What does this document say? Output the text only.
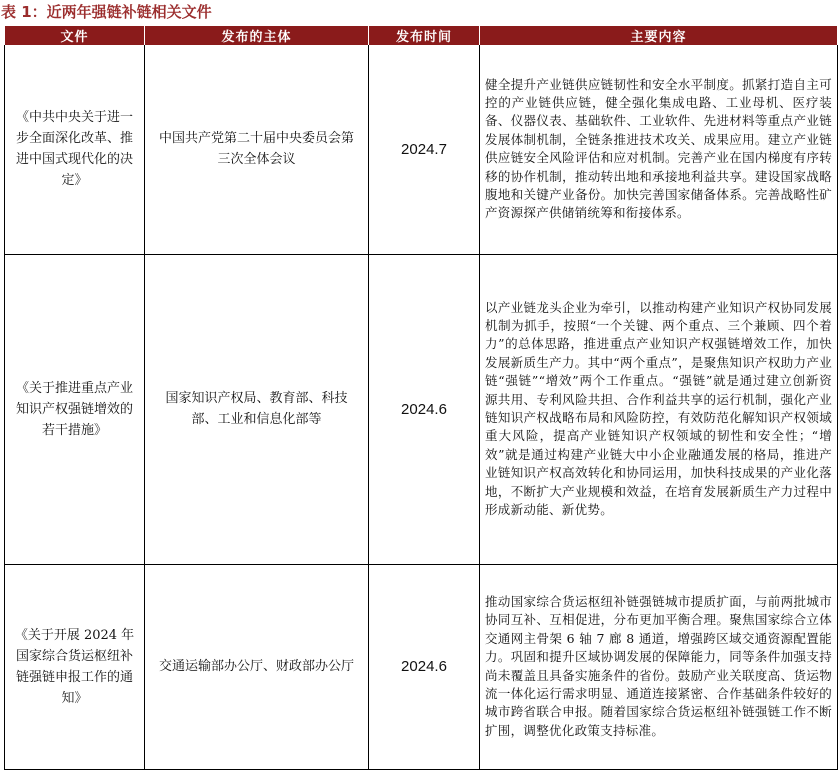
表 1：近两年强链补链相关文件
文件	发布的主体	发布时间	主要内容
《中共中央关于进一步全面深化改革、推进中国式现代化的决定》	中国共产党第二十届中央委员会第三次全体会议	2024.7	健全提升产业链供应链韧性和安全水平制度。抓紧打造自主可控的产业链供应链，健全强化集成电路、工业母机、医疗装备、仪器仪表、基础软件、工业软件、先进材料等重点产业链发展体制机制，全链条推进技术攻关、成果应用。建立产业链供应链安全风险评估和应对机制。完善产业在国内梯度有序转移的协作机制，推动转出地和承接地利益共享。建设国家战略腹地和关键产业备份。加快完善国家储备体系。完善战略性矿产资源探产供储销统筹和衔接体系。
《关于推进重点产业知识产权强链增效的若干措施》	国家知识产权局、教育部、科技部、工业和信息化部等	2024.6	以产业链龙头企业为牵引，以推动构建产业知识产权协同发展机制为抓手，按照“一个关键、两个重点、三个兼顾、四个着力”的总体思路，推进重点产业知识产权强链增效工作，加快发展新质生产力。其中“两个重点”，是聚焦知识产权助力产业链“强链”“增效”两个工作重点。“强链”就是通过建立创新资源共用、专利风险共担、合作利益共享的运行机制，强化产业链知识产权战略布局和风险防控，有效防范化解知识产权领域重大风险，提高产业链知识产权领域的韧性和安全性；“增效”就是通过构建产业链大中小企业融通发展的格局，推进产业链知识产权高效转化和协同运用，加快科技成果的产业化落地，不断扩大产业规模和效益，在培育发展新质生产力过程中形成新动能、新优势。
《关于开展 2024 年国家综合货运枢纽补链强链申报工作的通知》	交通运输部办公厅、财政部办公厅	2024.6	推动国家综合货运枢纽补链强链城市提质扩面，与前两批城市协同互补、互相促进，分布更加平衡合理。聚焦国家综合立体交通网主骨架 6 轴 7 廊 8 通道，增强跨区域交通资源配置能力。巩固和提升区域协调发展的保障能力，同等条件加强支持尚未覆盖且具备实施条件的省份。鼓励产业关联度高、货运物流一体化运行需求明显、通道连接紧密、合作基础条件较好的城市跨省联合申报。随着国家综合货运枢纽补链强链工作不断扩围，调整优化政策支持标准。
